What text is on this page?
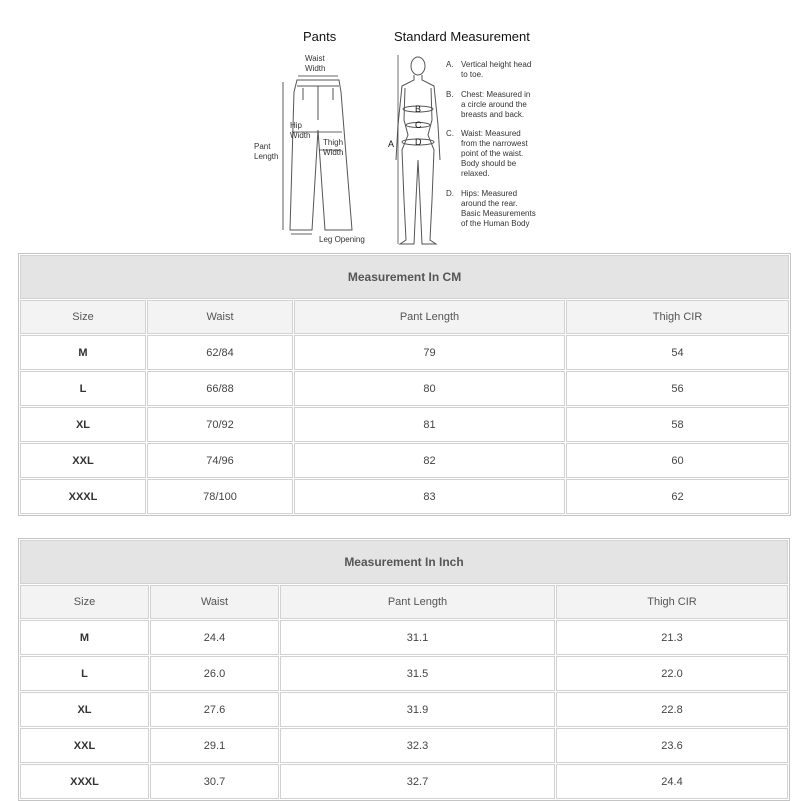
Pants	Standard Measurement
Waist
Width
Hip
Width
Pant
Length
Thigh
Width
Leg Opening
A
B
C
D
A. Vertical height head
to toe.
B. Chest: Measured in
a circle around the
breasts and back.
C. Waist: Measured
from the narrowest
point of the waist.
Body should be
relaxed.
D. Hips: Measured
around the rear.
Basic Measurements
of the Human Body
Measurement In CM			
Size	Waist	Pant Length	Thigh CIR
M	62/84	79	54
L	66/88	80	56
XL	70/92	81	58
XXL	74/96	82	60
XXXL	78/100	83	62
Measurement In Inch			
Size	Waist	Pant Length	Thigh CIR
M	24.4	31.1	21.3
L	26.0	31.5	22.0
XL	27.6	31.9	22.8
XXL	29.1	32.3	23.6
XXXL	30.7	32.7	24.4
